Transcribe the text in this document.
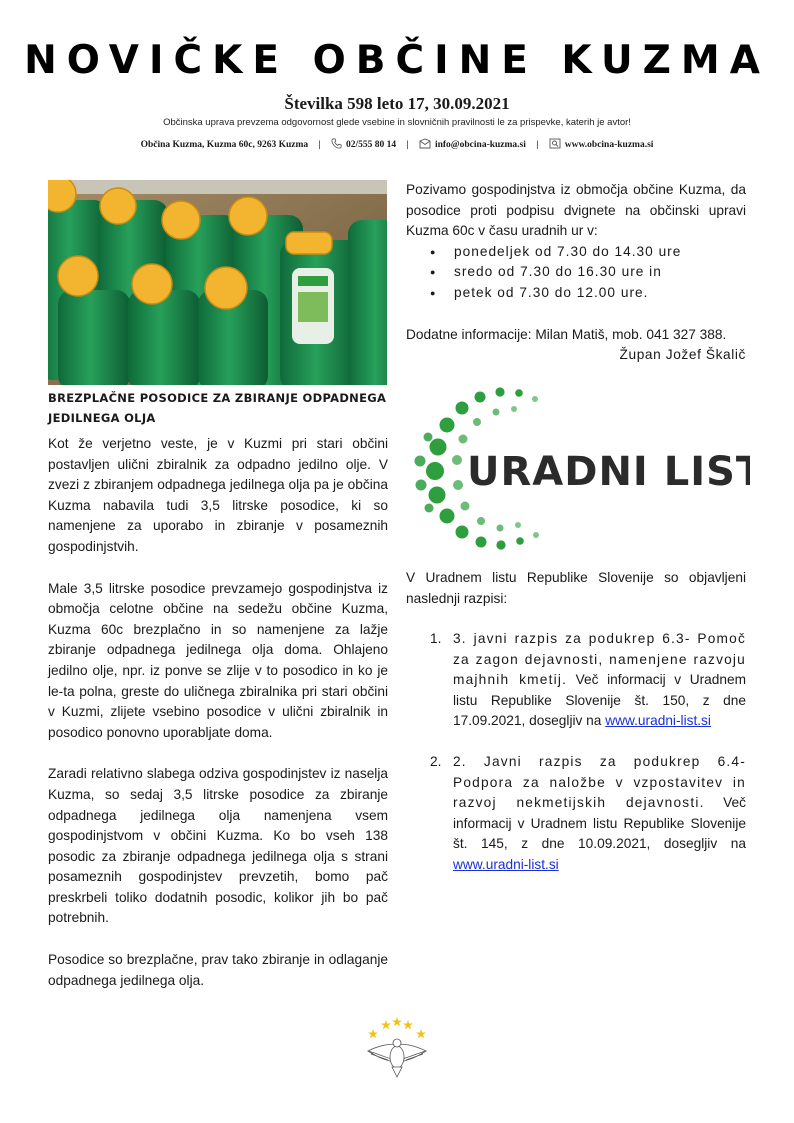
NOVIČKE OBČINE KUZMA
Številka 598 leto 17, 30.09.2021
Občinska uprava prevzema odgovornost glede vsebine in slovničnih pravilnosti le za prispevke, katerih je avtor!
Občina Kuzma, Kuzma 60c, 9263 Kuzma |	02/555 80 14 |	info@obcina-kuzma.si |	www.obcina-kuzma.si
BREZPLAČNE POSODICE ZA ZBIRANJE ODPADNEGA JEDILNEGA OLJA

Kot že verjetno veste, je v Kuzmi pri stari občini postavljen ulični zbiralnik za odpadno jedilno olje. V zvezi z zbiranjem odpadnega jedilnega olja pa je občina Kuzma nabavila tudi 3,5 litrske posodice, ki so namenjene za uporabo in zbiranje v posameznih gospodinjstvih.

Male 3,5 litrske posodice prevzamejo gospodinjstva iz območja celotne občine na sedežu občine Kuzma, Kuzma 60c brezplačno in so namenjene za lažje zbiranje odpadnega jedilnega olja doma. Ohlajeno jedilno olje, npr. iz ponve se zlije v to posodico in ko je le-ta polna, greste do uličnega zbiralnika pri stari občini v Kuzmi, zlijete vsebino posodice v ulični zbiralnik in posodico ponovno uporabljate doma.

Zaradi relativno slabega odziva gospodinjstev iz naselja Kuzma, so sedaj 3,5 litrske posodice za zbiranje odpadnega jedilnega olja namenjena vsem gospodinjstvom v občini Kuzma. Ko bo vseh 138 posodic za zbiranje odpadnega jedilnega olja s strani posameznih gospodinjstev prevzetih, bomo pač preskrbeli toliko dodatnih posodic, kolikor jih bo pač potrebnih.

Posodice so brezplačne, prav tako zbiranje in odlaganje odpadnega jedilnega olja.

Pozivamo gospodinjstva iz območja občine Kuzma, da posodice proti podpisu dvignete na občinski upravi Kuzma 60c v času uradnih ur v:

● ponedeljek od 7.30 do 14.30 ure
● sredo od 7.30 do 16.30 ure in
● petek od 7.30 do 12.00 ure.

Dodatne informacije: Milan Matiš, mob. 041 327 388.

Župan Jožef Škalič

URADNI LIST
V Uradnem listu Republike Slovenije so objavljeni naslednji razpisi:
1. 3. javni razpis za podukrep 6.3- Pomoč za zagon dejavnosti, namenjene razvoju majhnih kmetij. Več informacij v Uradnem listu Republike Slovenije št. 150, z dne 17.09.2021, dosegljiv na www.uradni-list.si
2. 2. Javni razpis za podukrep 6.4- Podpora za naložbe v vzpostavitev in razvoj nekmetijskih dejavnosti. Več informacij v Uradnem listu Republike Slovenije št. 145, z dne 10.09.2021, dosegljiv na www.uradni-list.si
